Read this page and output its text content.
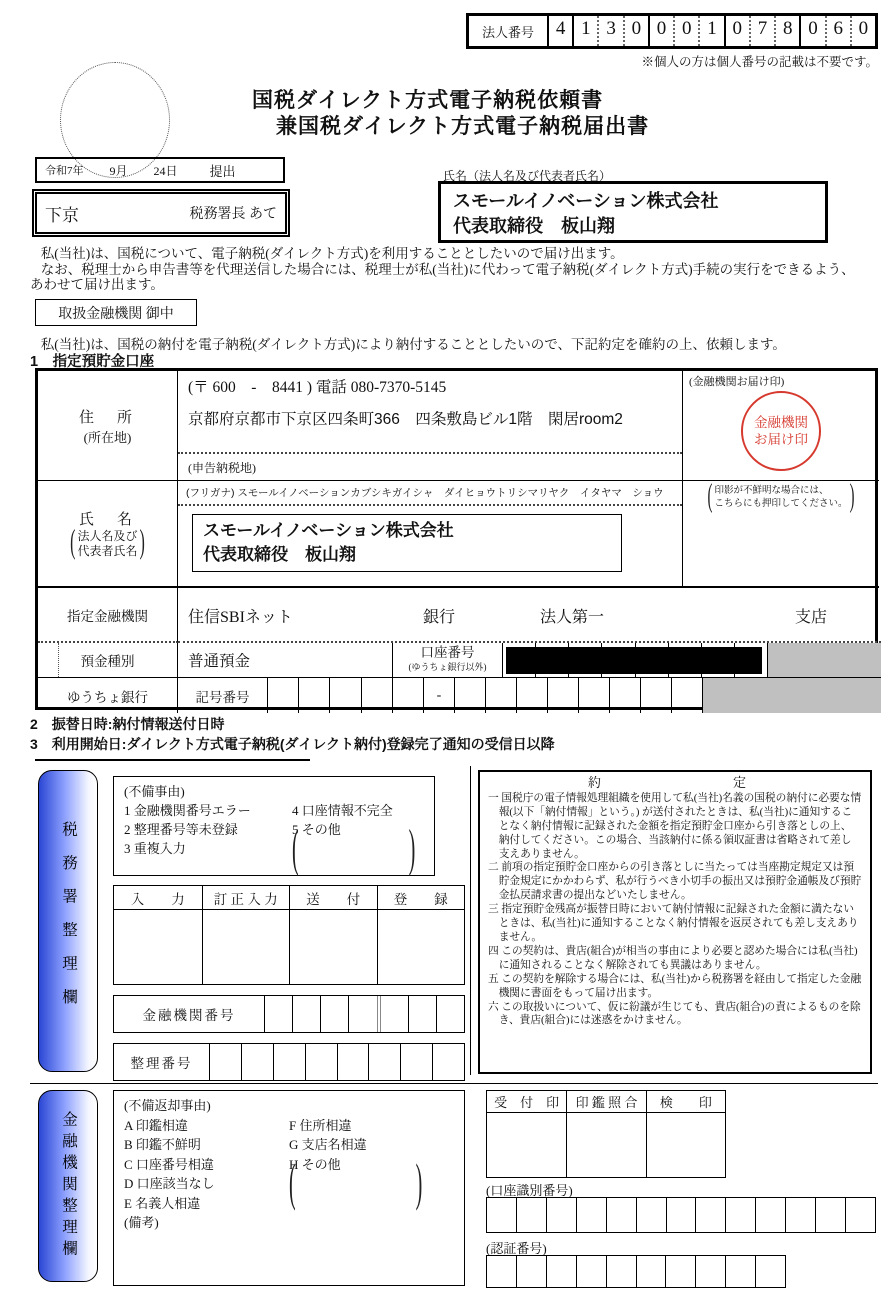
法人番号	4 1 3 0 0 0 1 0 7 8 0 6 0
※個人の方は個人番号の記載は不要です。
国税ダイレクト方式電子納税依頼書
兼国税ダイレクト方式電子納税届出書
令和7年 9月 24日 提出
下京	税務署長 あて
氏名（法人名及び代表者氏名）
スモールイノベーション株式会社
代表取締役　板山翔

私(当社)は、国税について、電子納税(ダイレクト方式)を利用することとしたいので届け出ます。

なお、税理士から申告書等を代理送信した場合には、税理士が私(当社)に代わって電子納税(ダイレクト方式)手続の実行をできるよう、あわせて届け出ます。

取扱金融機関 御中
私(当社)は、国税の納付を電子納税(ダイレクト方式)により納付することとしたいので、下記約定を確約の上、依頼します。
1　指定預貯金口座
住　所
(所在地)
(〒 600　-　8441 ) 電話 080-7370-5145
京都府京都市下京区四条町366　四条敷島ビル1階　閑居room2
(申告納税地)
(金融機関お届け印)
金融機関
お届け印
氏　名
( 法人名及び
代表者氏名 )
(フリガナ) スモールイノベーションカブシキガイシャ　ダイヒョウトリシマリヤク　イタヤマ　ショウ
スモールイノベーション株式会社
代表取締役　板山翔
( 印影が不鮮明な場合には、
こちらにも押印してください。 )
指定金融機関	住信SBIネット	銀行	法人第一	支店
預金種別	普通預金
口座番号
(ゆうちょ銀行以外)
ゆうちょ銀行	記号番号	-
2　振替日時:納付情報送付日時
3　利用開始日:ダイレクト方式電子納税(ダイレクト納付)登録完了通知の受信日以降
税務署整理欄
(不備事由)
1 金融機関番号エラー
2 整理番号等未登録
3 重複入力
4 口座情報不完全
5 その他
(	)
入　　力	訂 正 入 力	送　　付	登　　録
金融機関番号
整理番号
約　　　　定
一 国税庁の電子情報処理組織を使用して私(当社)名義の国税の納付に必要な情報(以下「納付情報」という。) が送付されたときは、私(当社)に通知することなく納付情報に記録された金額を指定預貯金口座から引き落としの上、納付してください。この場合、当該納付に係る領収証書は省略されて差し支えありません。
二 前項の指定預貯金口座からの引き落としに当たっては当座勘定規定又は預貯金規定にかかわらず、私が行うべき小切手の振出又は預貯金通帳及び預貯金払戻請求書の提出などいたしません。
三 指定預貯金残高が振替日時において納付情報に記録された金額に満たないときは、私(当社)に通知することなく納付情報を返戻されても差し支えありません。
四 この契約は、貴店(組合)が相当の事由により必要と認めた場合には私(当社)に通知されることなく解除されても異議はありません。
五 この契約を解除する場合には、私(当社)から税務署を経由して指定した金融機関に書面をもって届け出ます。
六 この取扱いについて、仮に紛議が生じても、貴店(組合)の責によるものを除き、貴店(組合)には迷惑をかけません。
金融機関整理欄
(不備返却事由)
A 印鑑相違
B 印鑑不鮮明
C 口座番号相違
D 口座該当なし
E 名義人相違
F 住所相違
G 支店名相違
H その他
(	)
(備考)
受　付　印	印 鑑 照 合	検　　印
(口座識別番号)
(認証番号)
